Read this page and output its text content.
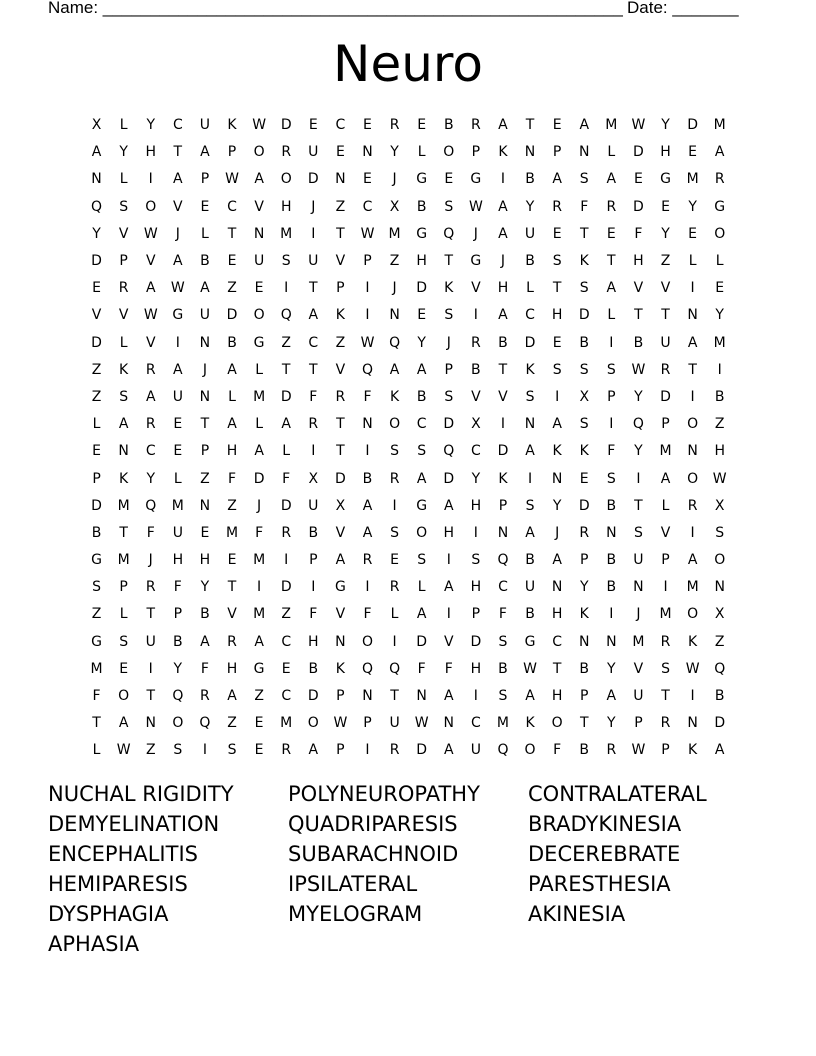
Name: _______________________________________________________ Date: _______
Neuro
X	L	Y	C	U	K	W	D	E	C	E	R	E	B	R	A	T	E	A	M	W	Y	D	M
A	Y	H	T	A	P	O	R	U	E	N	Y	L	O	P	K	N	P	N	L	D	H	E	A
N	L	I	A	P	W	A	O	D	N	E	J	G	E	G	I	B	A	S	A	E	G	M	R
Q	S	O	V	E	C	V	H	J	Z	C	X	B	S	W	A	Y	R	F	R	D	E	Y	G
Y	V	W	J	L	T	N	M	I	T	W	M	G	Q	J	A	U	E	T	E	F	Y	E	O
D	P	V	A	B	E	U	S	U	V	P	Z	H	T	G	J	B	S	K	T	H	Z	L	L
E	R	A	W	A	Z	E	I	T	P	I	J	D	K	V	H	L	T	S	A	V	V	I	E
V	V	W	G	U	D	O	Q	A	K	I	N	E	S	I	A	C	H	D	L	T	T	N	Y
D	L	V	I	N	B	G	Z	C	Z	W	Q	Y	J	R	B	D	E	B	I	B	U	A	M
Z	K	R	A	J	A	L	T	T	V	Q	A	A	P	B	T	K	S	S	S	W	R	T	I
Z	S	A	U	N	L	M	D	F	R	F	K	B	S	V	V	S	I	X	P	Y	D	I	B
L	A	R	E	T	A	L	A	R	T	N	O	C	D	X	I	N	A	S	I	Q	P	O	Z
E	N	C	E	P	H	A	L	I	T	I	S	S	Q	C	D	A	K	K	F	Y	M	N	H
P	K	Y	L	Z	F	D	F	X	D	B	R	A	D	Y	K	I	N	E	S	I	A	O	W
D	M	Q	M	N	Z	J	D	U	X	A	I	G	A	H	P	S	Y	D	B	T	L	R	X
B	T	F	U	E	M	F	R	B	V	A	S	O	H	I	N	A	J	R	N	S	V	I	S
G	M	J	H	H	E	M	I	P	A	R	E	S	I	S	Q	B	A	P	B	U	P	A	O
S	P	R	F	Y	T	I	D	I	G	I	R	L	A	H	C	U	N	Y	B	N	I	M	N
Z	L	T	P	B	V	M	Z	F	V	F	L	A	I	P	F	B	H	K	I	J	M	O	X
G	S	U	B	A	R	A	C	H	N	O	I	D	V	D	S	G	C	N	N	M	R	K	Z
M	E	I	Y	F	H	G	E	B	K	Q	Q	F	F	H	B	W	T	B	Y	V	S	W	Q
F	O	T	Q	R	A	Z	C	D	P	N	T	N	A	I	S	A	H	P	A	U	T	I	B
T	A	N	O	Q	Z	E	M	O	W	P	U	W	N	C	M	K	O	T	Y	P	R	N	D
L	W	Z	S	I	S	E	R	A	P	I	R	D	A	U	Q	O	F	B	R	W	P	K	A
NUCHAL RIGIDITY
DEMYELINATION
ENCEPHALITIS
HEMIPARESIS
DYSPHAGIA
APHASIA
POLYNEUROPATHY
QUADRIPARESIS
SUBARACHNOID
IPSILATERAL
MYELOGRAM
CONTRALATERAL
BRADYKINESIA
DECEREBRATE
PARESTHESIA
AKINESIA
